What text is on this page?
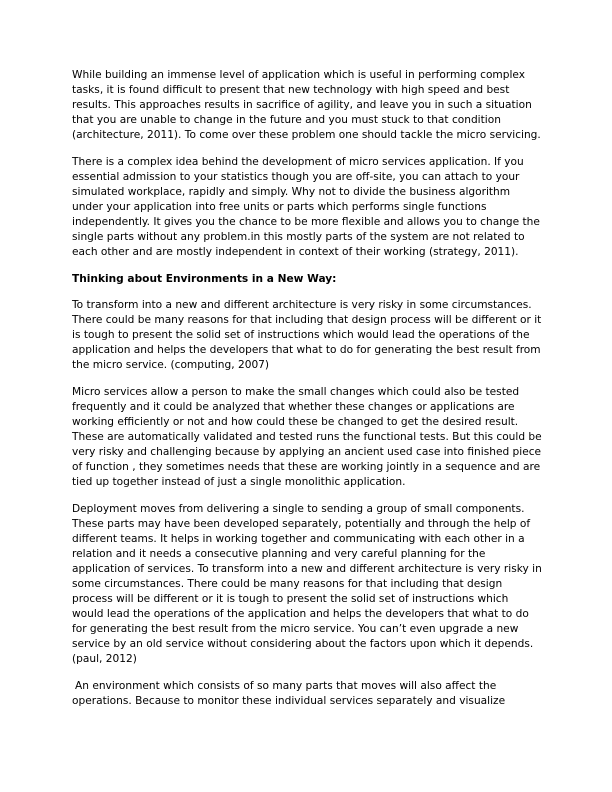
While building an immense level of application which is useful in performing complex tasks, it is found difficult to present that new technology with high speed and best results. This approaches results in sacrifice of agility, and leave you in such a situation that you are unable to change in the future and you must stuck to that condition (architecture, 2011). To come over these problem one should tackle the micro servicing.

There is a complex idea behind the development of micro services application. If you essential admission to your statistics though you are off-site, you can attach to your simulated workplace, rapidly and simply. Why not to divide the business algorithm under your application into free units or parts which performs single functions independently. It gives you the chance to be more flexible and allows you to change the single parts without any problem.in this mostly parts of the system are not related to each other and are mostly independent in context of their working (strategy, 2011).

Thinking about Environments in a New Way:

To transform into a new and different architecture is very risky in some circumstances. There could be many reasons for that including that design process will be different or it is tough to present the solid set of instructions which would lead the operations of the application and helps the developers that what to do for generating the best result from the micro service. (computing, 2007)

Micro services allow a person to make the small changes which could also be tested frequently and it could be analyzed that whether these changes or applications are working efficiently or not and how could these be changed to get the desired result. These are automatically validated and tested runs the functional tests. But this could be very risky and challenging because by applying an ancient used case into finished piece of function , they sometimes needs that these are working jointly in a sequence and are tied up together instead of just a single monolithic application.

Deployment moves from delivering a single to sending a group of small components. These parts may have been developed separately, potentially and through the help of different teams. It helps in working together and communicating with each other in a relation and it needs a consecutive planning and very careful planning for the application of services. To transform into a new and different architecture is very risky in some circumstances. There could be many reasons for that including that design process will be different or it is tough to present the solid set of instructions which would lead the operations of the application and helps the developers that what to do for generating the best result from the micro service. You can’t even upgrade a new service by an old service without considering about the factors upon which it depends. (paul, 2012)

An environment which consists of so many parts that moves will also affect the operations. Because to monitor these individual services separately and visualize
